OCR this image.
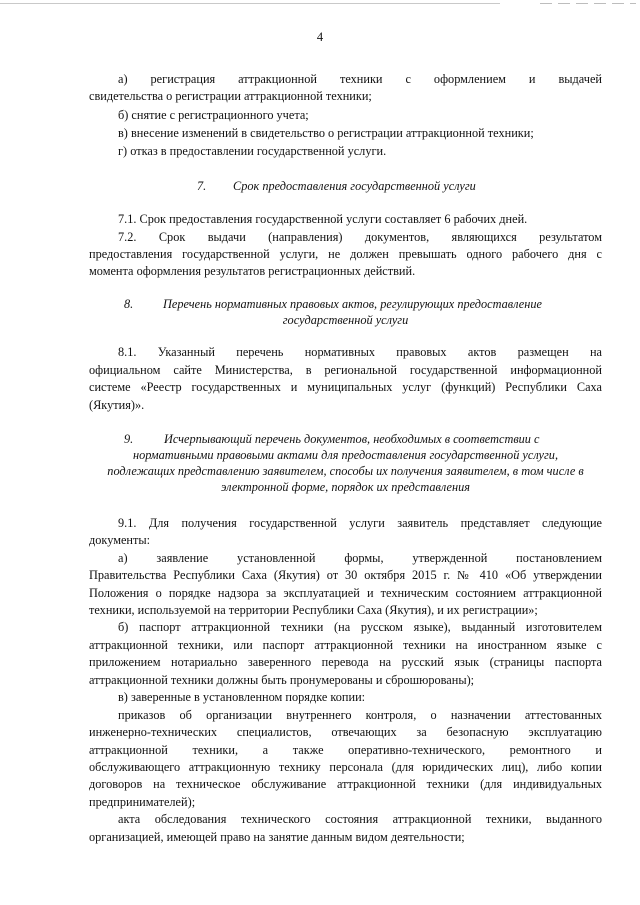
4
а) регистрация аттракционной техники с оформлением и выдачей
свидетельства о регистрации аттракционной техники;
б) снятие с регистрационного учета;
в) внесение изменений в свидетельство о регистрации аттракционной техники;
г) отказ в предоставлении государственной услуги.
7. Срок предоставления государственной услуги
7.1. Срок предоставления государственной услуги составляет 6 рабочих дней.
7.2. Срок выдачи (направления) документов, являющихся результатом
предоставления государственной услуги, не должен превышать одного рабочего дня с
момента оформления результатов регистрационных действий.
8. Перечень нормативных правовых актов, регулирующих предоставление
государственной услуги
8.1. Указанный перечень нормативных правовых актов размещен на
официальном сайте Министерства, в региональной государственной информационной
системе «Реестр государственных и муниципальных услуг (функций) Республики Саха
(Якутия)».
9.	Исчерпывающий перечень документов, необходимых в соответствии с
нормативными правовыми актами для предоставления государственной услуги,
подлежащих представлению заявителем, способы их получения заявителем, в том числе в
электронной форме, порядок их представления
9.1. Для получения государственной услуги заявитель представляет следующие
документы:
а) заявление установленной формы, утвержденной постановлением
Правительства Республики Саха (Якутия) от 30 октября 2015 г. № 410 «Об утверждении
Положения о порядке надзора за эксплуатацией и техническим состоянием аттракционной
техники, используемой на территории Республики Саха (Якутия), и их регистрации»;
б) паспорт аттракционной техники (на русском языке), выданный изготовителем
аттракционной техники, или паспорт аттракционной техники на иностранном языке с
приложением нотариально заверенного перевода на русский язык (страницы паспорта
аттракционной техники должны быть пронумерованы и сброшюрованы);
в) заверенные в установленном порядке копии:
приказов об организации внутреннего контроля, о назначении аттестованных
инженерно-технических специалистов, отвечающих за безопасную эксплуатацию
аттракционной техники, а также оперативно-технического, ремонтного и
обслуживающего аттракционную технику персонала (для юридических лиц), либо копии
договоров на техническое обслуживание аттракционной техники (для индивидуальных
предпринимателей);
акта обследования технического состояния аттракционной техники, выданного
организацией, имеющей право на занятие данным видом деятельности;
